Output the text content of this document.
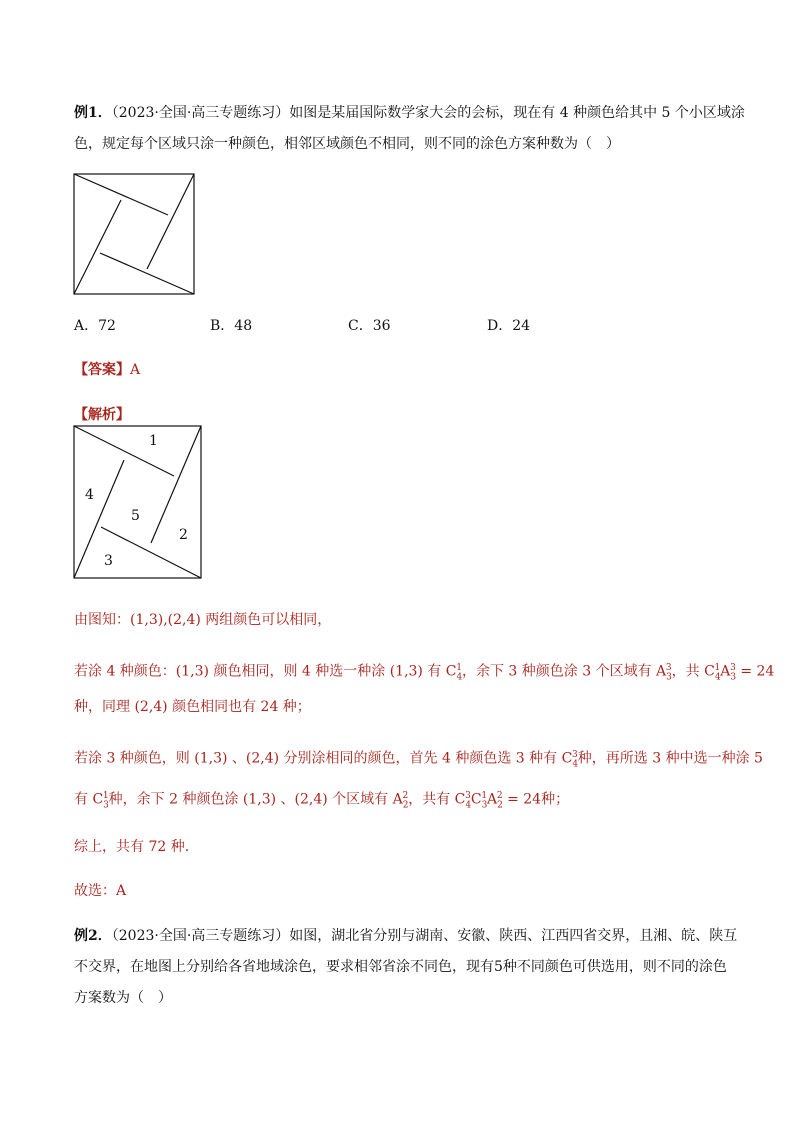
例1．（2023·全国·高三专题练习）如图是某届国际数学家大会的会标，现在有 4 种颜色给其中 5 个小区域涂
色，规定每个区域只涂一种颜色，相邻区域颜色不相同，则不同的涂色方案种数为（　）
A．72	B．48	C．36	D．24
【答案】A
【解析】
1
2
3
4
5
由图知：(1,3),(2,4) 两组颜色可以相同，
若涂 4 种颜色：(1,3) 颜色相同，则 4 种选一种涂 (1,3) 有 $C_4^1$，余下 3 种颜色涂 3 个区域有 $A_3^3$，共 $C_4^1A_3^3 = 24$
种，同理 (2,4) 颜色相同也有 24 种；
若涂 3 种颜色，则 (1,3) 、(2,4) 分别涂相同的颜色，首先 4 种颜色选 3 种有 $C_4^3$种，再所选 3 种中选一种涂 5
有 $C_3^1$种，余下 2 种颜色涂 (1,3) 、(2,4) 个区域有 $A_2^2$，共有 $C_4^3C_3^1A_2^2 = 24$种；
综上，共有 72 种.
故选：A
例2．（2023·全国·高三专题练习）如图，湖北省分别与湖南、安徽、陕西、江西四省交界，且湘、皖、陕互
不交界，在地图上分别给各省地域涂色，要求相邻省涂不同色，现有5种不同颜色可供选用，则不同的涂色
方案数为（　）
